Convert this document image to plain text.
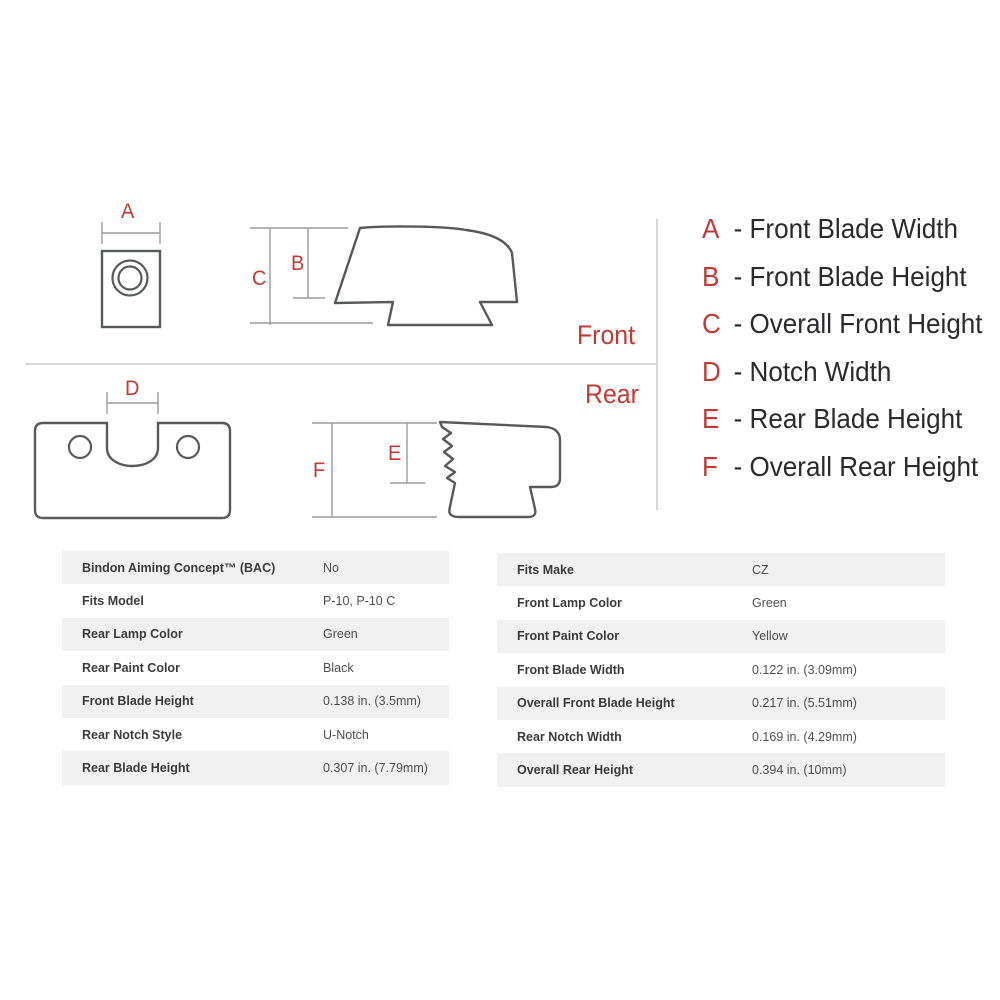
A
B
C
D
E
F
Front
Rear
A - Front Blade Width
B - Front Blade Height
C - Overall Front Height
D - Notch Width
E - Rear Blade Height
F - Overall Rear Height
Bindon Aiming Concept™ (BAC)	No
Fits Model	P-10, P-10 C
Rear Lamp Color	Green
Rear Paint Color	Black
Front Blade Height	0.138 in. (3.5mm)
Rear Notch Style	U-Notch
Rear Blade Height	0.307 in. (7.79mm)
Fits Make	CZ
Front Lamp Color	Green
Front Paint Color	Yellow
Front Blade Width	0.122 in. (3.09mm)
Overall Front Blade Height	0.217 in. (5.51mm)
Rear Notch Width	0.169 in. (4.29mm)
Overall Rear Height	0.394 in. (10mm)
